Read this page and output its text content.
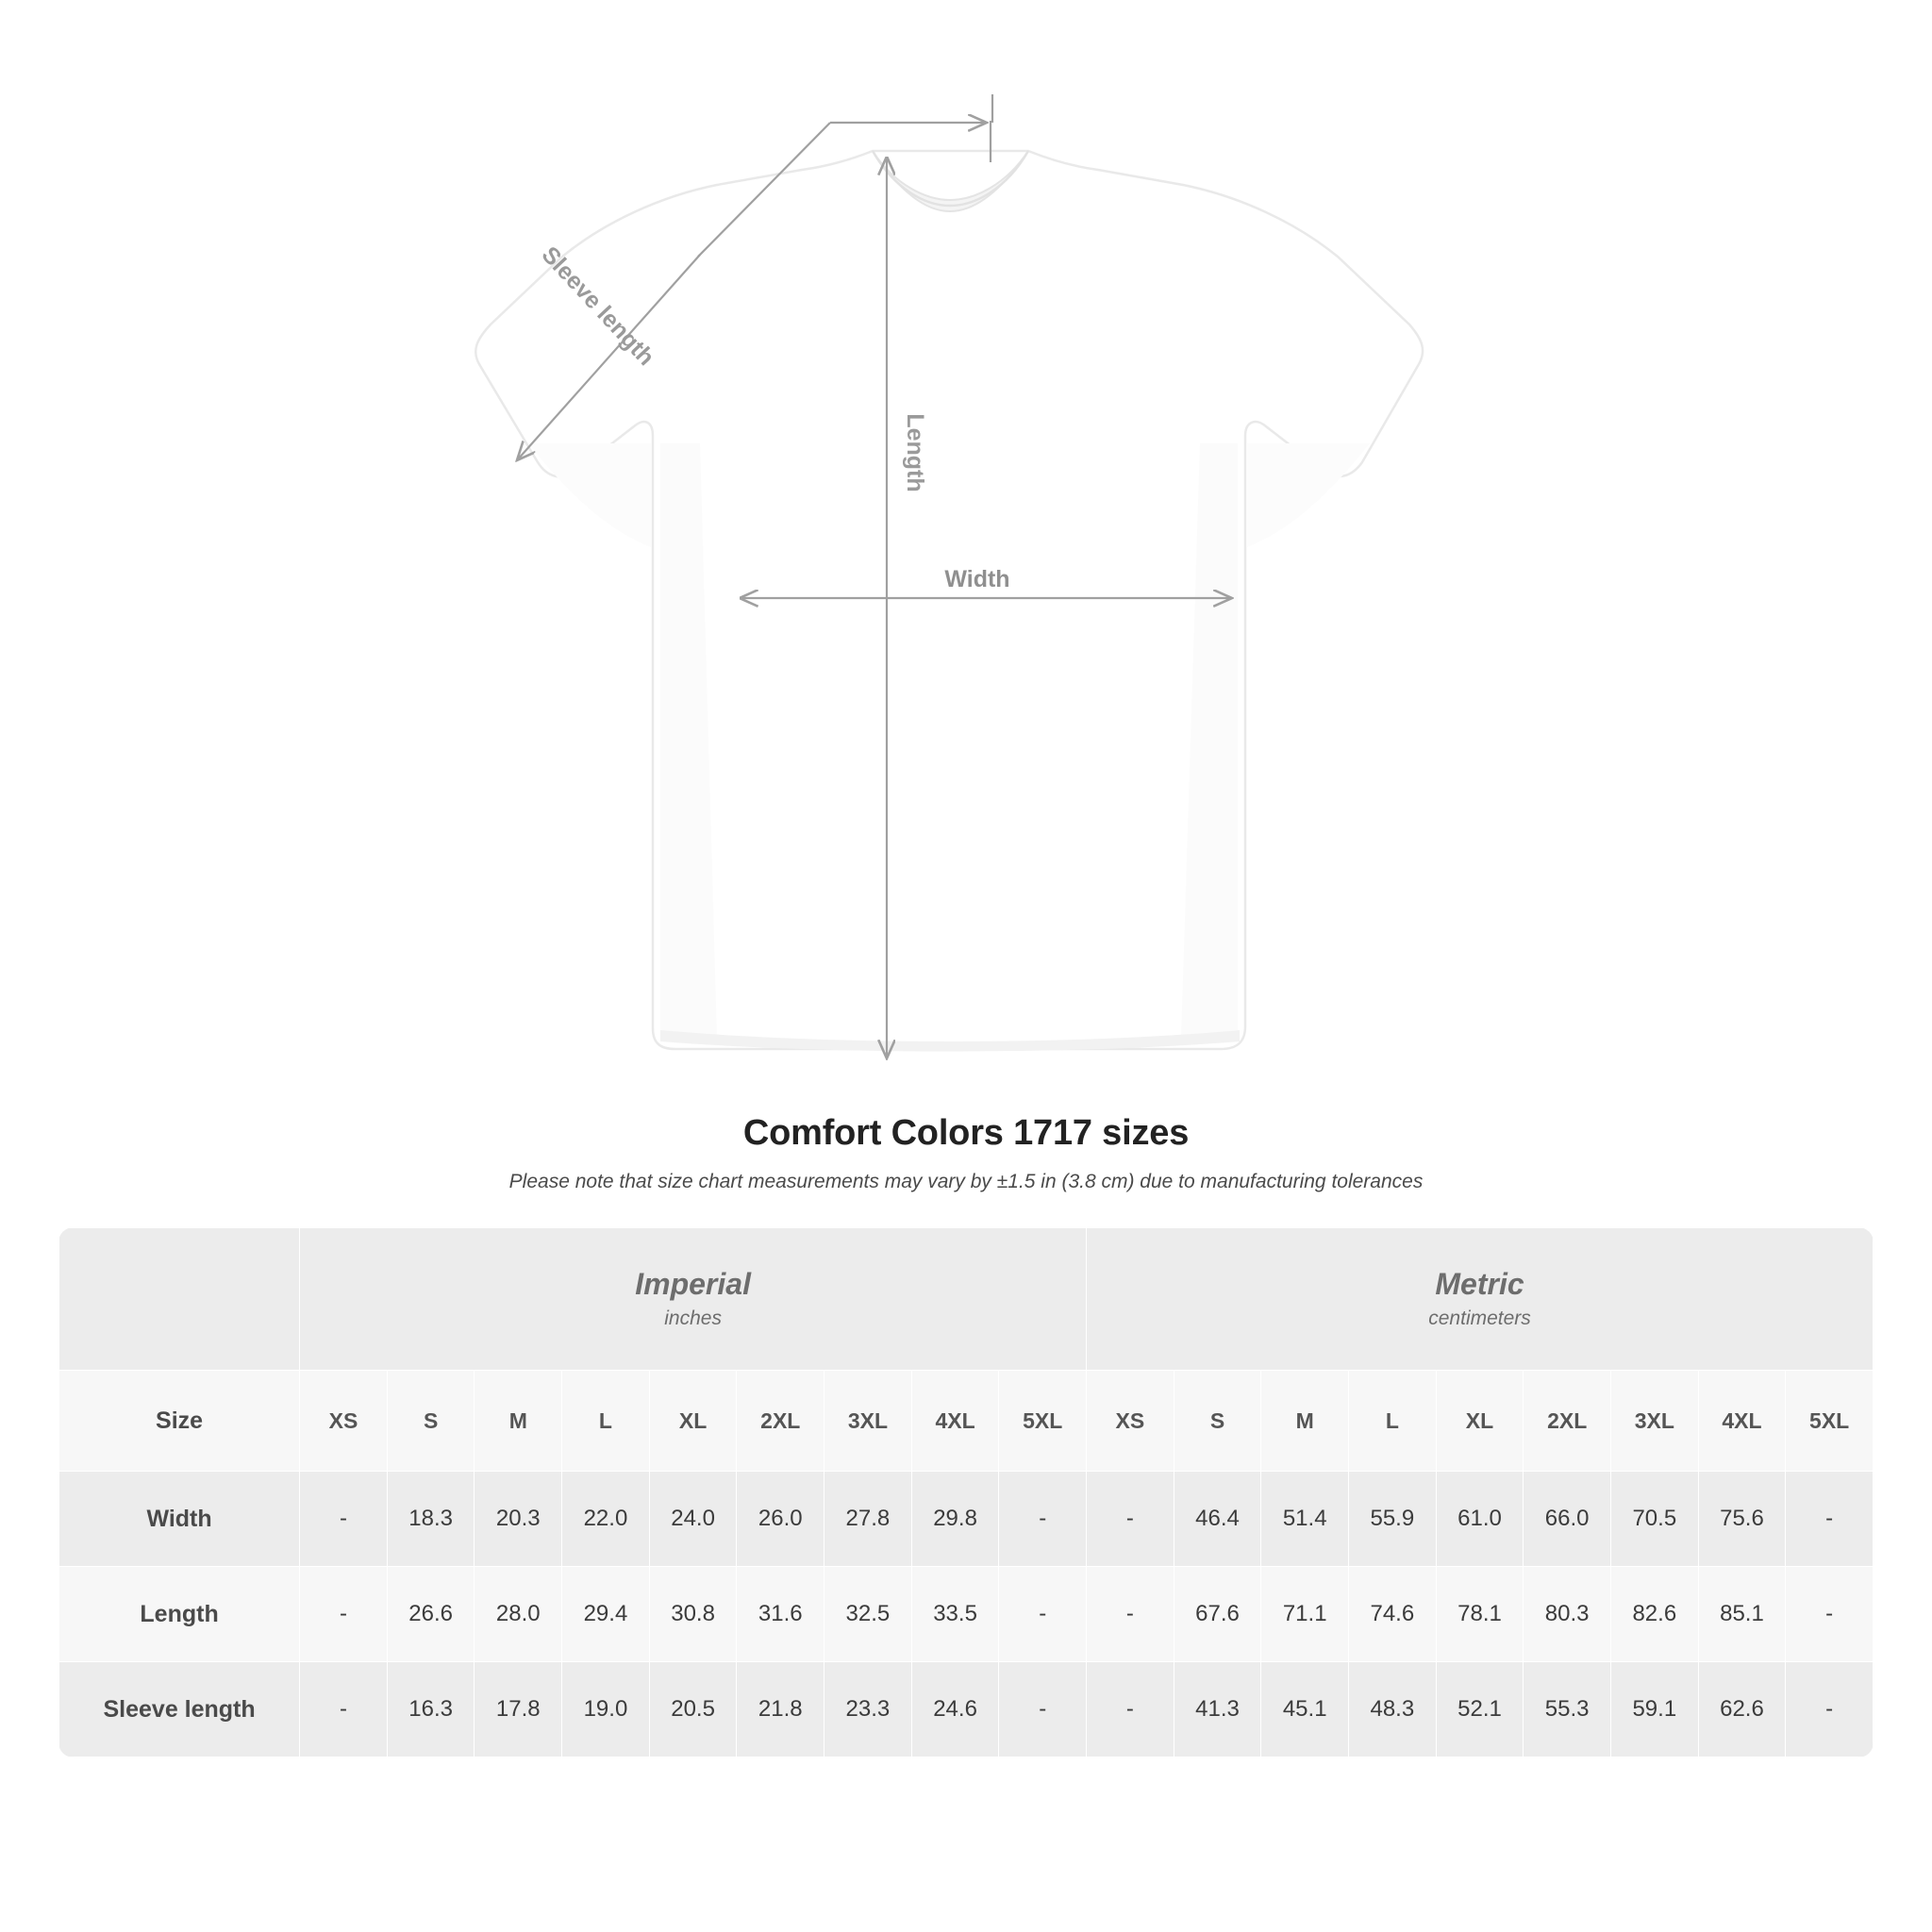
Length
Width
Sleeve length
Comfort Colors 1717 sizes
Please note that size chart measurements may vary by ±1.5 in (3.8 cm) due to manufacturing tolerances

Imperial
inches

Metric
centimeters

Size	XS	S	M	L	XL	2XL	3XL	4XL	5XL	XS	S	M	L	XL	2XL	3XL	4XL	5XL
Width	-	18.3	20.3	22.0	24.0	26.0	27.8	29.8	-	-	46.4	51.4	55.9	61.0	66.0	70.5	75.6	-
Length	-	26.6	28.0	29.4	30.8	31.6	32.5	33.5	-	-	67.6	71.1	74.6	78.1	80.3	82.6	85.1	-
Sleeve length	-	16.3	17.8	19.0	20.5	21.8	23.3	24.6	-	-	41.3	45.1	48.3	52.1	55.3	59.1	62.6	-
